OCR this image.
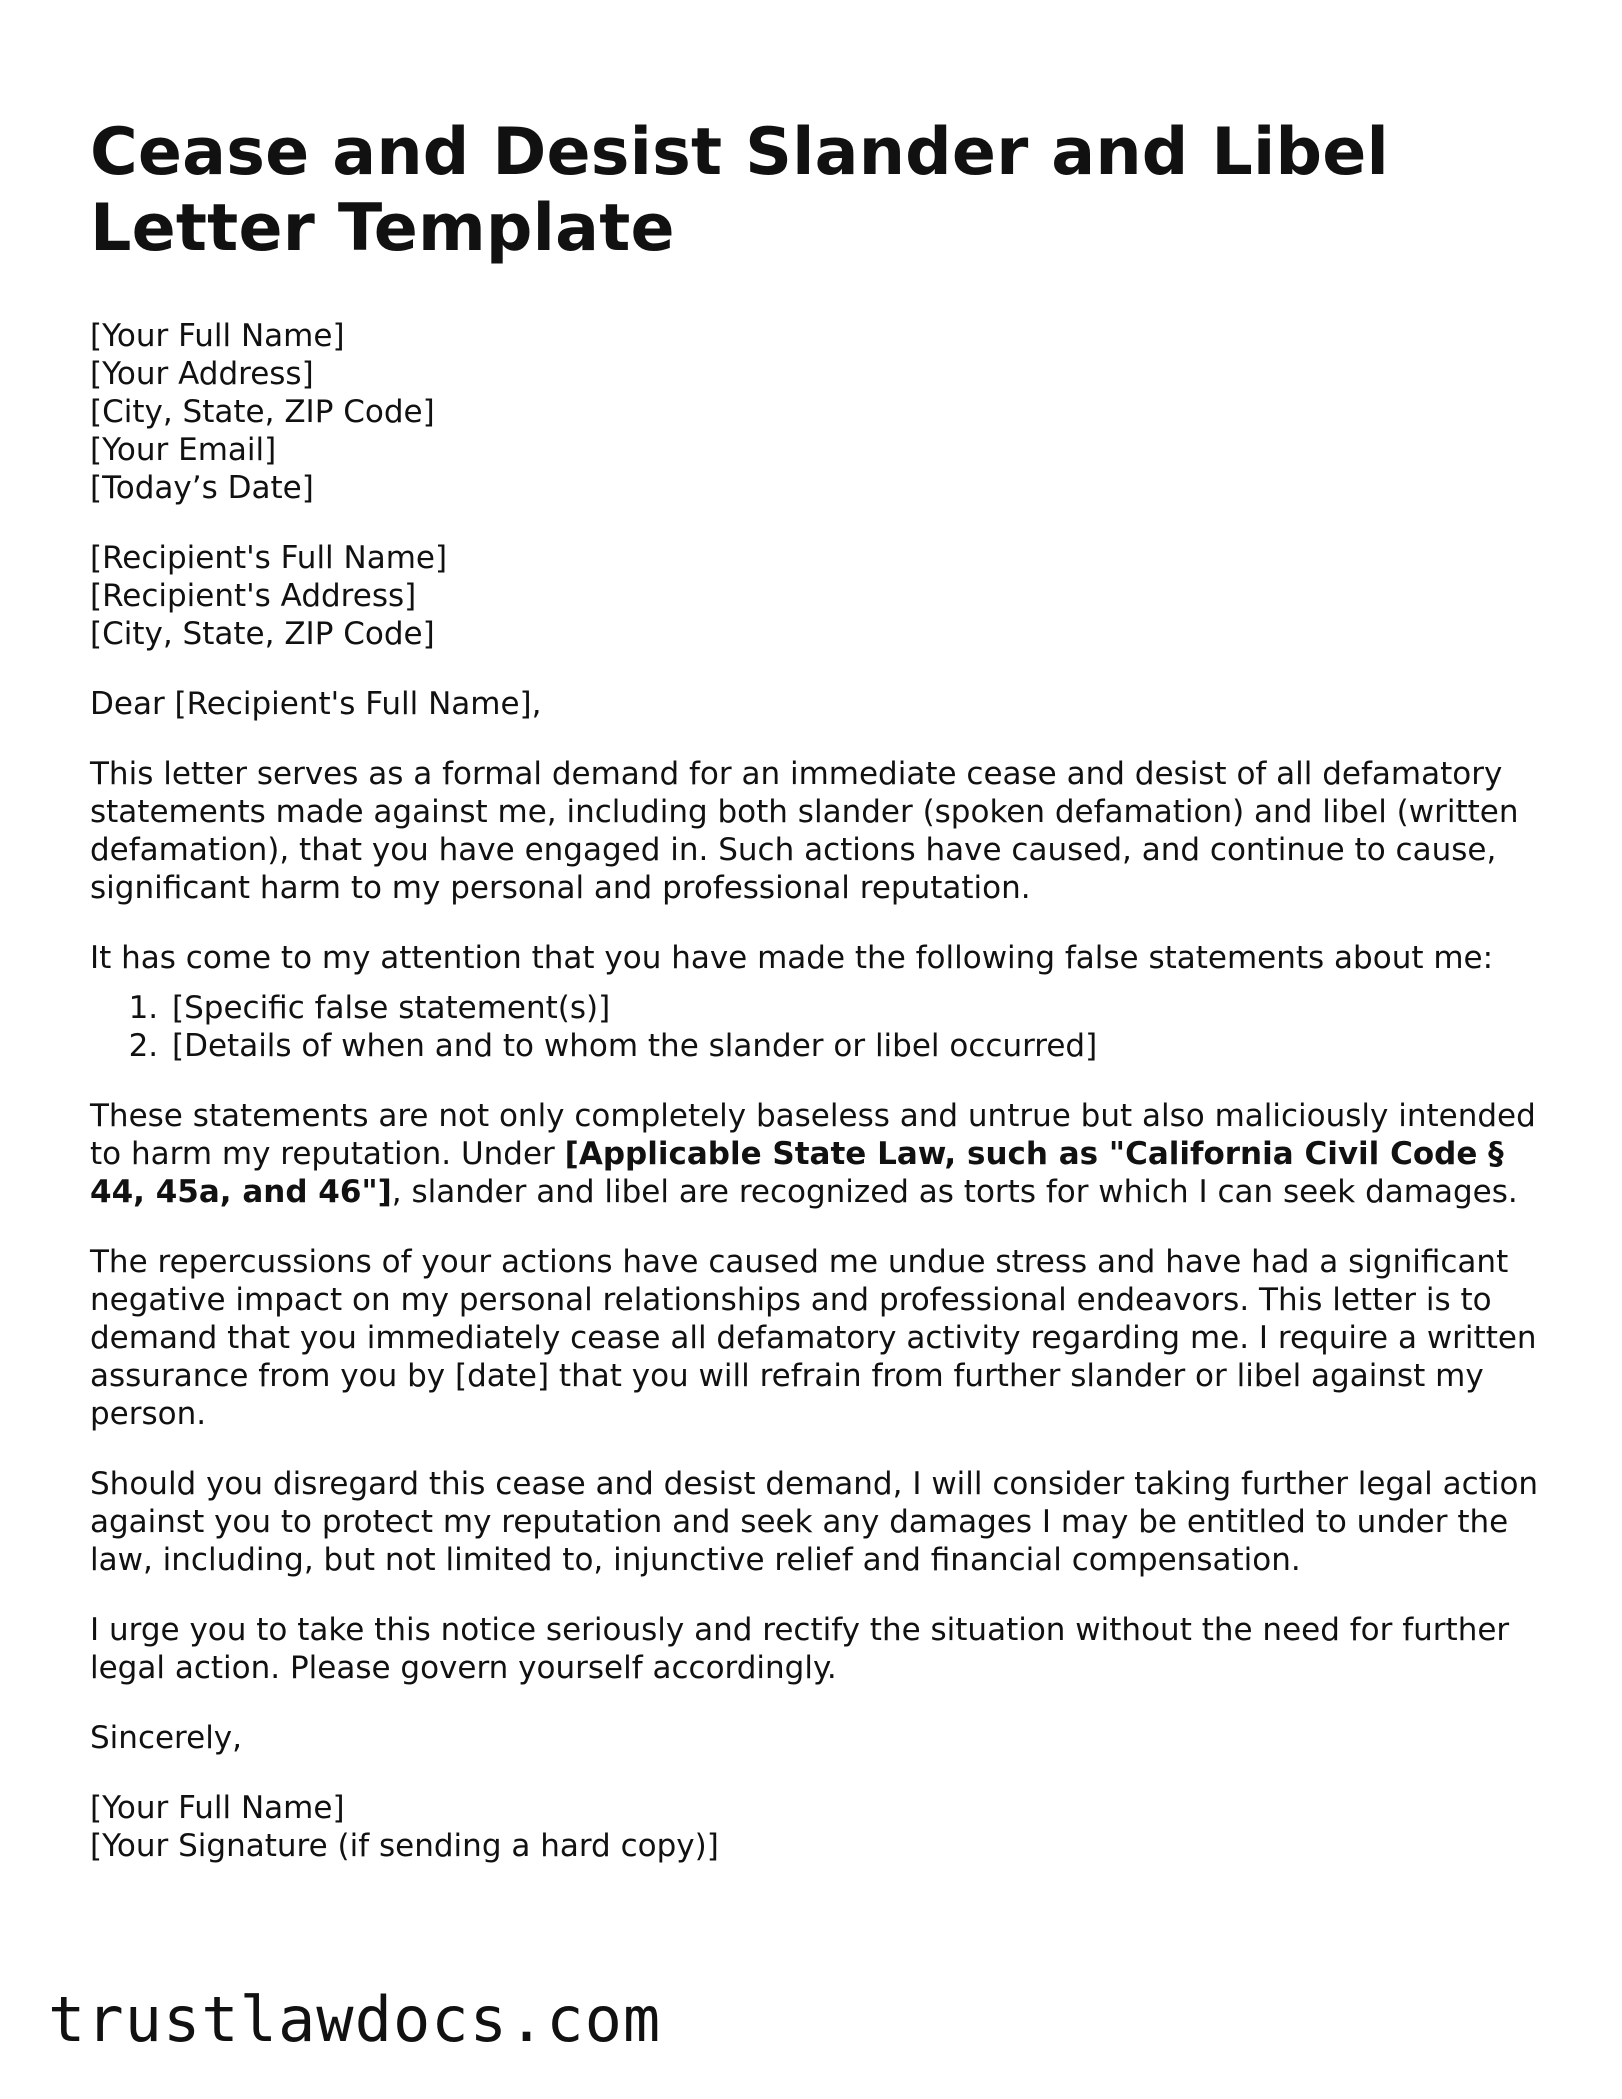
Cease and Desist Slander and Libel Letter Template
[Your Full Name]
[Your Address]
[City, State, ZIP Code]
[Your Email]
[Today’s Date]
[Recipient's Full Name]
[Recipient's Address]
[City, State, ZIP Code]

Dear [Recipient's Full Name],

This letter serves as a formal demand for an immediate cease and desist of all defamatory statements made against me, including both slander (spoken defamation) and libel (written defamation), that you have engaged in. Such actions have caused, and continue to cause, significant harm to my personal and professional reputation.

It has come to my attention that you have made the following false statements about me:

1. [Specific false statement(s)]
2. [Details of when and to whom the slander or libel occurred]

These statements are not only completely baseless and untrue but also maliciously intended to harm my reputation. Under [Applicable State Law, such as "California Civil Code § 44, 45a, and 46"], slander and libel are recognized as torts for which I can seek damages.

The repercussions of your actions have caused me undue stress and have had a significant negative impact on my personal relationships and professional endeavors. This letter is to demand that you immediately cease all defamatory activity regarding me. I require a written assurance from you by [date] that you will refrain from further slander or libel against my person.

Should you disregard this cease and desist demand, I will consider taking further legal action against you to protect my reputation and seek any damages I may be entitled to under the law, including, but not limited to, injunctive relief and financial compensation.

I urge you to take this notice seriously and rectify the situation without the need for further legal action. Please govern yourself accordingly.

Sincerely,

[Your Full Name]
[Your Signature (if sending a hard copy)]
trustlawdocs.com
